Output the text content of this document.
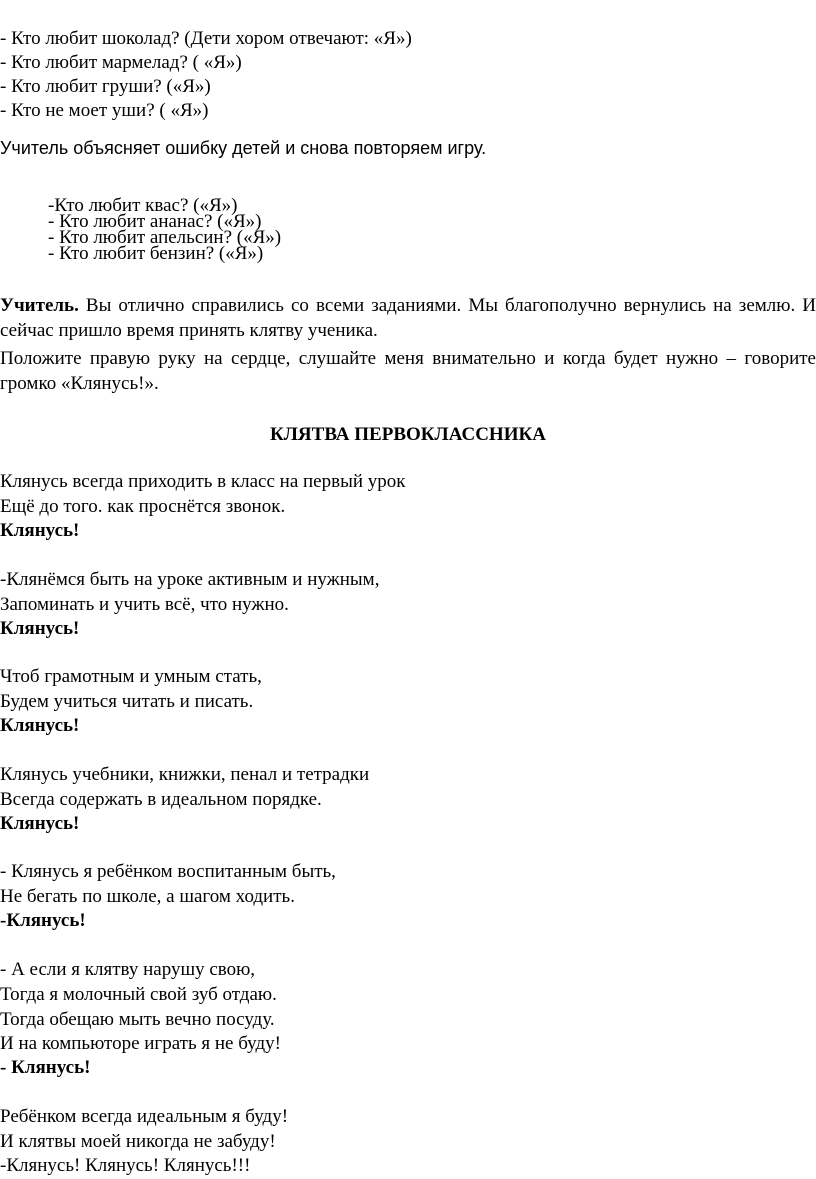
- Кто любит шоколад? (Дети хором отвечают: «Я»)
- Кто любит мармелад? ( «Я»)
- Кто любит груши? («Я»)
- Кто не моет уши? ( «Я»)
Учитель объясняет ошибку детей и снова повторяем игру.
-Кто любит квас? («Я»)
- Кто любит ананас? («Я»)
- Кто любит апельсин? («Я»)
- Кто любит бензин? («Я»)
Учитель. Вы отлично справились со всеми заданиями. Мы благополучно вернулись на землю. И сейчас пришло время принять клятву ученика.
Положите правую руку на сердце, слушайте меня внимательно и когда будет нужно – говорите громко «Клянусь!».
КЛЯТВА ПЕРВОКЛАССНИКА
Клянусь всегда приходить в класс на первый урок
Ещё до того. как проснётся звонок.
Клянусь!
-Клянёмся быть на уроке активным и нужным,
Запоминать и учить всё, что нужно.
Клянусь!
Чтоб грамотным и умным стать,
Будем учиться читать и писать.
Клянусь!
Клянусь учебники, книжки, пенал и тетрадки
Всегда содержать в идеальном порядке.
Клянусь!
- Клянусь я ребёнком воспитанным быть,
Не бегать по школе, а шагом ходить.
-Клянусь!
- А если я клятву нарушу свою,
Тогда я молочный свой зуб отдаю.
Тогда обещаю мыть вечно посуду.
И на компьюторе играть я не буду!
- Клянусь!
Ребёнком всегда идеальным я буду!
И клятвы моей никогда не забуду!
-Клянусь! Клянусь! Клянусь!!!
